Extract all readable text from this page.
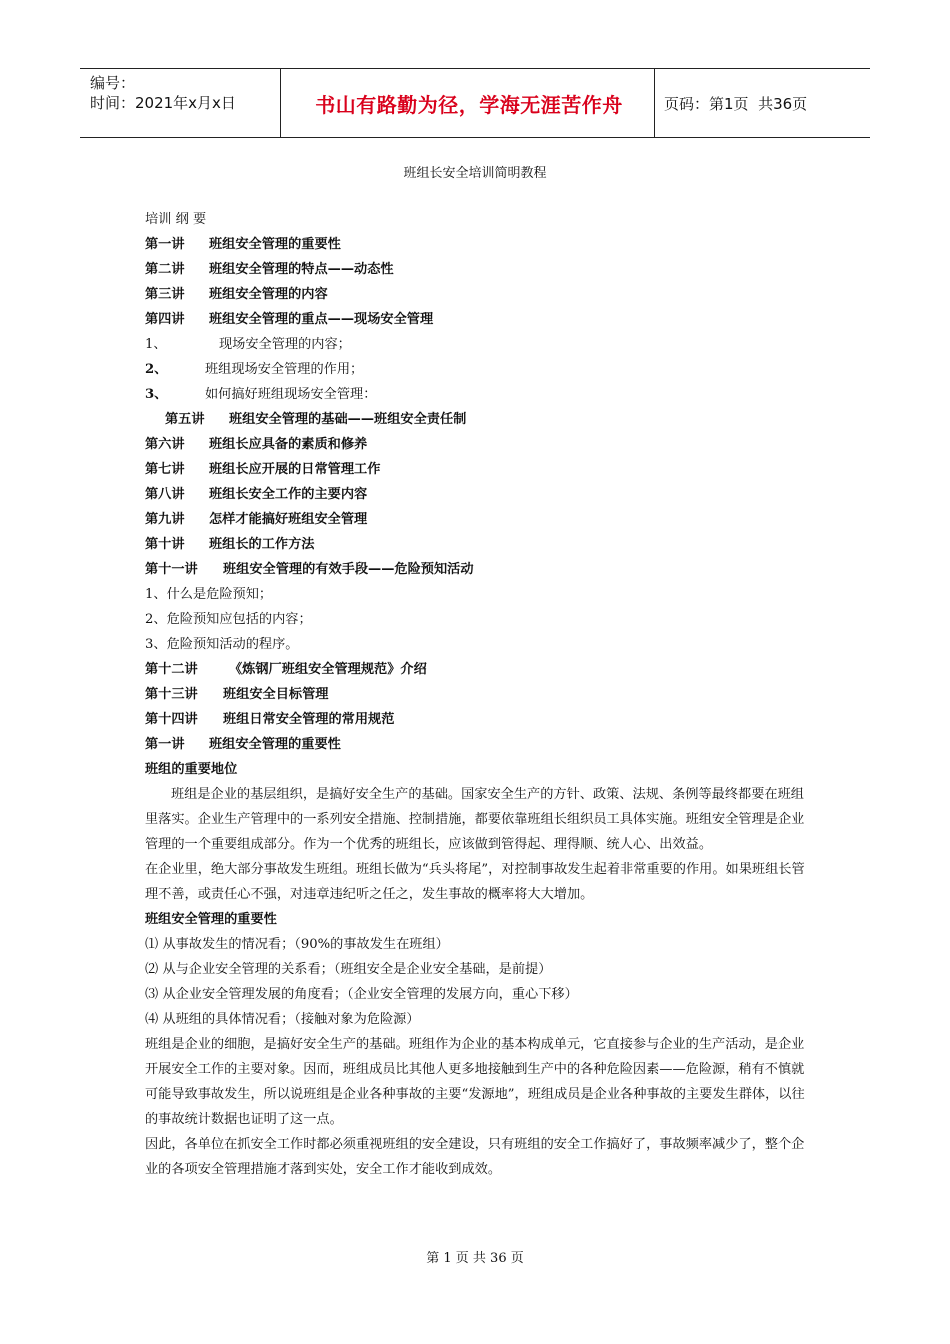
编号：
时间：2021年x月x日	书山有路勤为径，学海无涯苦作舟	页码：第1页  共36页
班组长安全培训简明教程
培训 纲 要
第一讲 班组安全管理的重要性
第二讲 班组安全管理的特点——动态性
第三讲 班组安全管理的内容
第四讲 班组安全管理的重点——现场安全管理
1、	现场安全管理的内容；
2、	班组现场安全管理的作用；
3、	如何搞好班组现场安全管理：
第五讲 班组安全管理的基础——班组安全责任制
第六讲 班组长应具备的素质和修养
第七讲 班组长应开展的日常管理工作
第八讲 班组长安全工作的主要内容
第九讲 怎样才能搞好班组安全管理
第十讲 班组长的工作方法
第十一讲 班组安全管理的有效手段——危险预知活动
1、什么是危险预知；
2、危险预知应包括的内容；
3、危险预知活动的程序。
第十二讲 《炼钢厂班组安全管理规范》介绍
第十三讲 班组安全目标管理
第十四讲 班组日常安全管理的常用规范
第一讲 班组安全管理的重要性
班组的重要地位
班组是企业的基层组织，是搞好安全生产的基础。国家安全生产的方针、政策、法规、条例等最终都要在班组里落实。企业生产管理中的一系列安全措施、控制措施，都要依靠班组长组织员工具体实施。班组安全管理是企业管理的一个重要组成部分。作为一个优秀的班组长，应该做到管得起、理得顺、统人心、出效益。
在企业里，绝大部分事故发生班组。班组长做为“兵头将尾”，对控制事故发生起着非常重要的作用。如果班组长管理不善，或责任心不强，对违章违纪听之任之，发生事故的概率将大大增加。
班组安全管理的重要性
⑴ 从事故发生的情况看；（90%的事故发生在班组）
⑵ 从与企业安全管理的关系看；（班组安全是企业安全基础，是前提）
⑶ 从企业安全管理发展的角度看；（企业安全管理的发展方向，重心下移）
⑷ 从班组的具体情况看；（接触对象为危险源）
班组是企业的细胞，是搞好安全生产的基础。班组作为企业的基本构成单元，它直接参与企业的生产活动，是企业开展安全工作的主要对象。因而，班组成员比其他人更多地接触到生产中的各种危险因素——危险源，稍有不慎就可能导致事故发生，所以说班组是企业各种事故的主要“发源地”，班组成员是企业各种事故的主要发生群体，以往的事故统计数据也证明了这一点。
因此，各单位在抓安全工作时都必须重视班组的安全建设，只有班组的安全工作搞好了，事故频率减少了，整个企业的各项安全管理措施才落到实处，安全工作才能收到成效。
第 1 页 共 36 页
